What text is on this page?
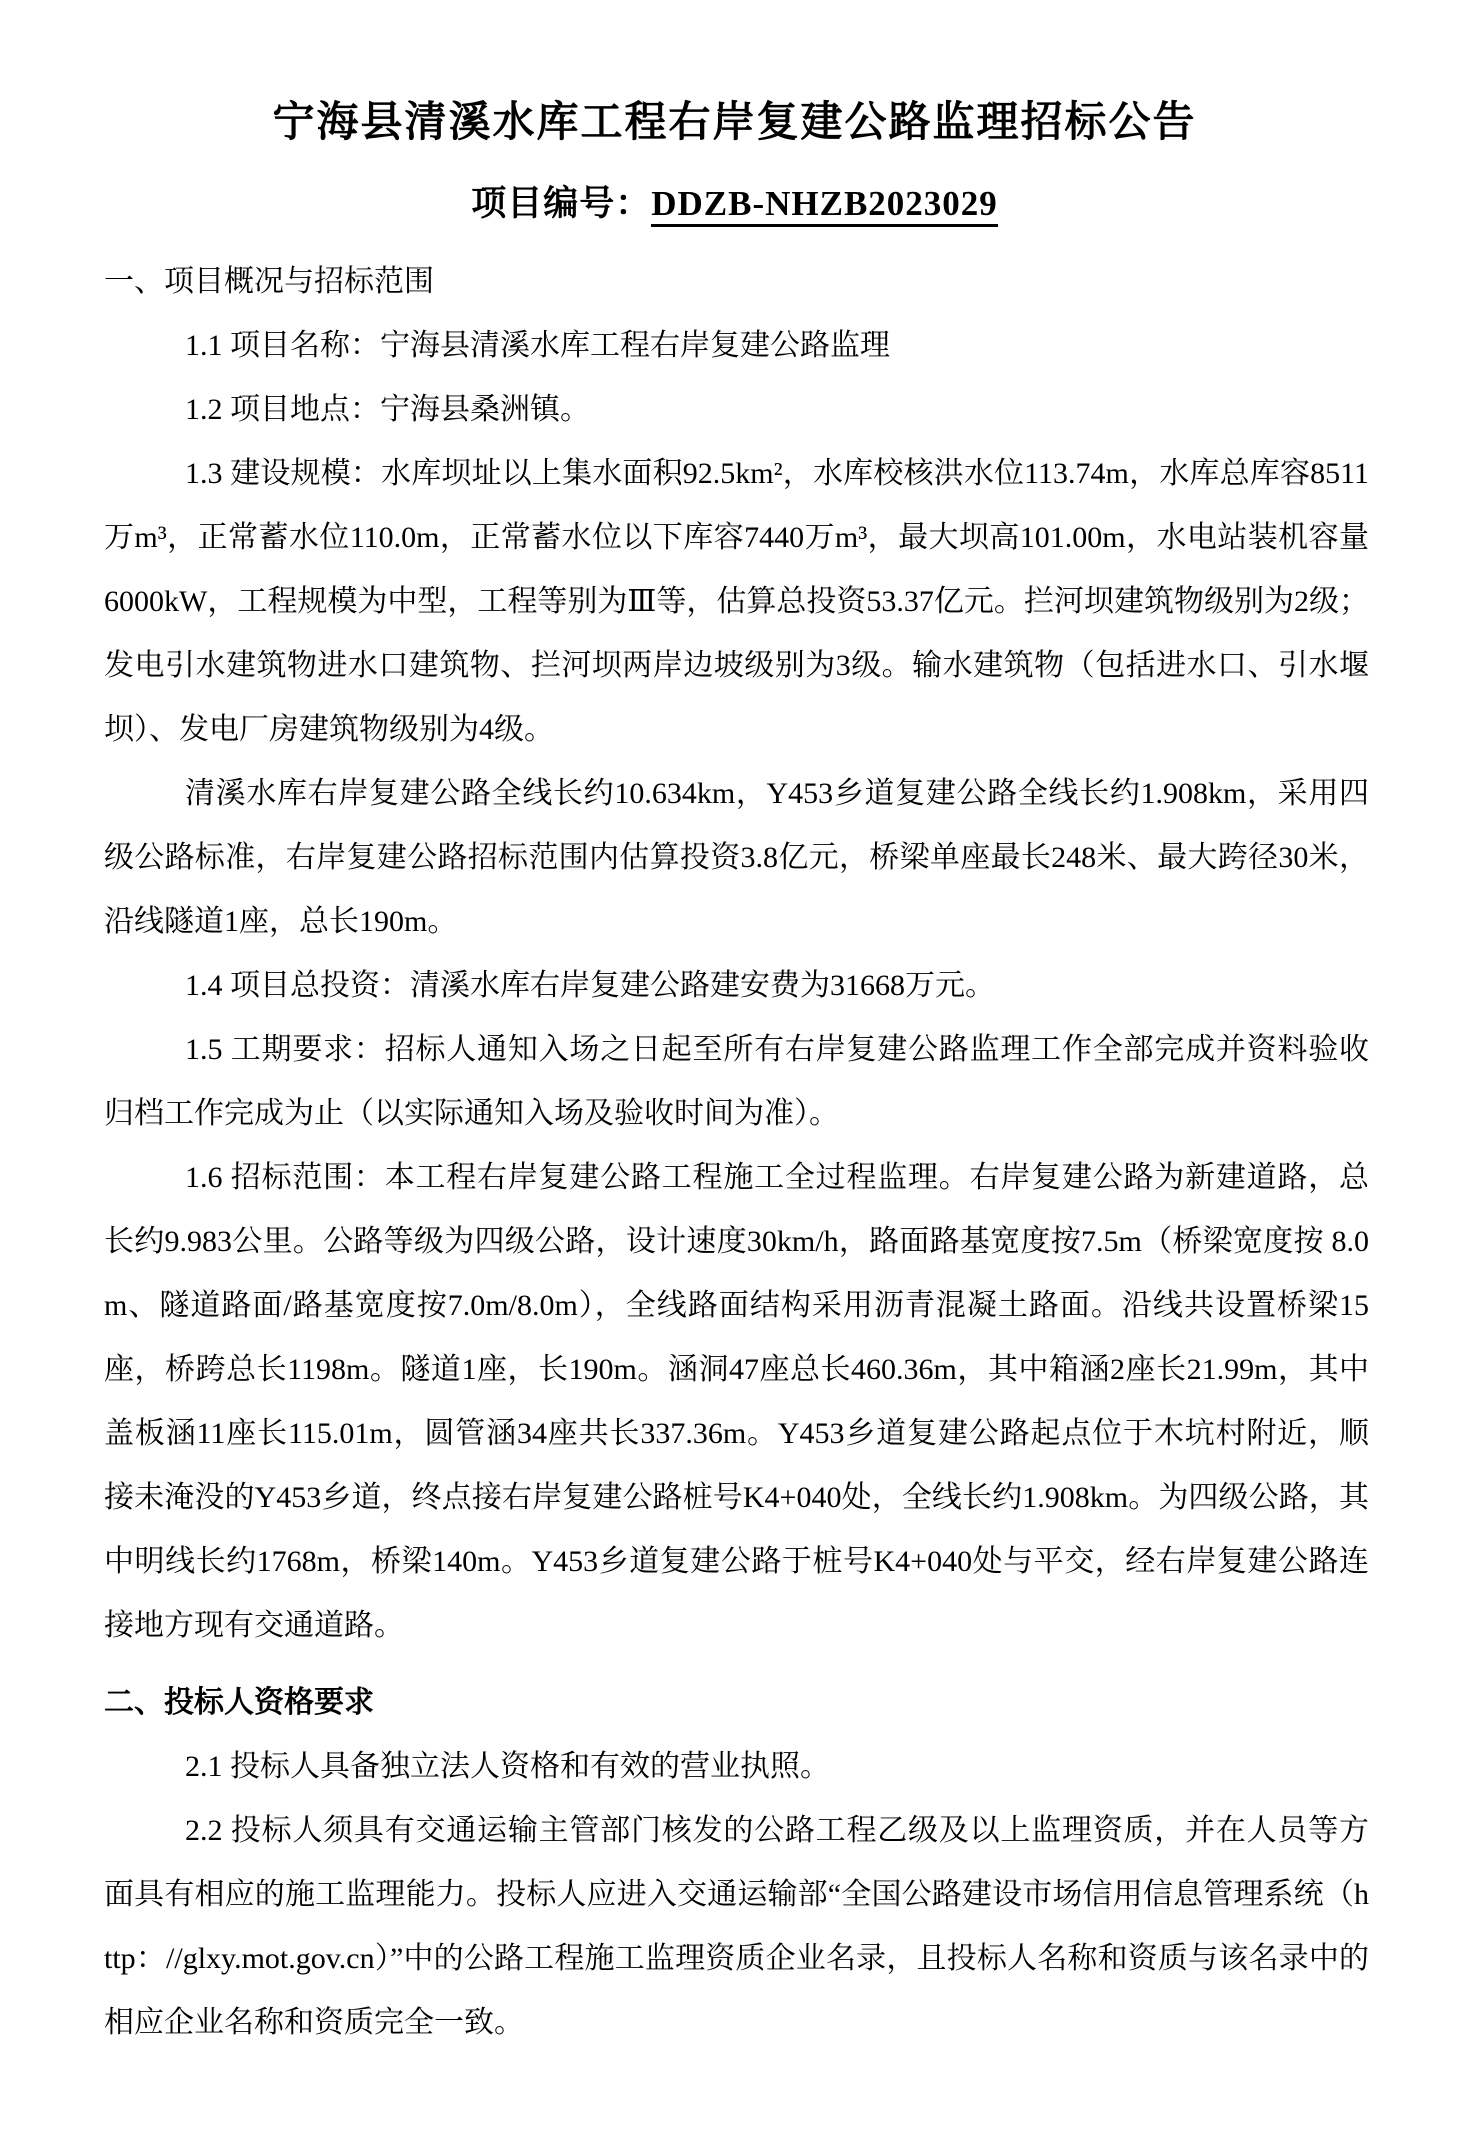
宁海县清溪水库工程右岸复建公路监理招标公告
项目编号：DDZB-NHZB2023029

一、项目概况与招标范围

1.1 项目名称：宁海县清溪水库工程右岸复建公路监理

1.2 项目地点：宁海县桑洲镇。

1.3 建设规模：水库坝址以上集水面积92.5km²，水库校核洪水位113.74m，水库总库容8511万m³，正常蓄水位110.0m，正常蓄水位以下库容7440万m³，最大坝高101.00m，水电站装机容量6000kW，工程规模为中型，工程等别为Ⅲ等，估算总投资53.37亿元。拦河坝建筑物级别为2级；发电引水建筑物进水口建筑物、拦河坝两岸边坡级别为3级。输水建筑物（包括进水口、引水堰坝）、发电厂房建筑物级别为4级。

清溪水库右岸复建公路全线长约10.634km，Y453乡道复建公路全线长约1.908km，采用四级公路标准，右岸复建公路招标范围内估算投资3.8亿元，桥梁单座最长248米、最大跨径30米，沿线隧道1座，总长190m。

1.4 项目总投资：清溪水库右岸复建公路建安费为31668万元。

1.5 工期要求：招标人通知入场之日起至所有右岸复建公路监理工作全部完成并资料验收归档工作完成为止（以实际通知入场及验收时间为准）。

1.6 招标范围：本工程右岸复建公路工程施工全过程监理。右岸复建公路为新建道路，总长约9.983公里。公路等级为四级公路，设计速度30km/h，路面路基宽度按7.5m（桥梁宽度按 8.0m、隧道路面/路基宽度按7.0m/8.0m），全线路面结构采用沥青混凝土路面。沿线共设置桥梁15座，桥跨总长1198m。隧道1座，长190m。涵洞47座总长460.36m，其中箱涵2座长21.99m，其中盖板涵11座长115.01m，圆管涵34座共长337.36m。Y453乡道复建公路起点位于木坑村附近，顺接未淹没的Y453乡道，终点接右岸复建公路桩号K4+040处，全线长约1.908km。为四级公路，其中明线长约1768m，桥梁140m。Y453乡道复建公路于桩号K4+040处与平交，经右岸复建公路连接地方现有交通道路。

二、投标人资格要求

2.1 投标人具备独立法人资格和有效的营业执照。

2.2 投标人须具有交通运输主管部门核发的公路工程乙级及以上监理资质，并在人员等方面具有相应的施工监理能力。投标人应进入交通运输部“全国公路建设市场信用信息管理系统（http：//glxy.mot.gov.cn）”中的公路工程施工监理资质企业名录，且投标人名称和资质与该名录中的相应企业名称和资质完全一致。
